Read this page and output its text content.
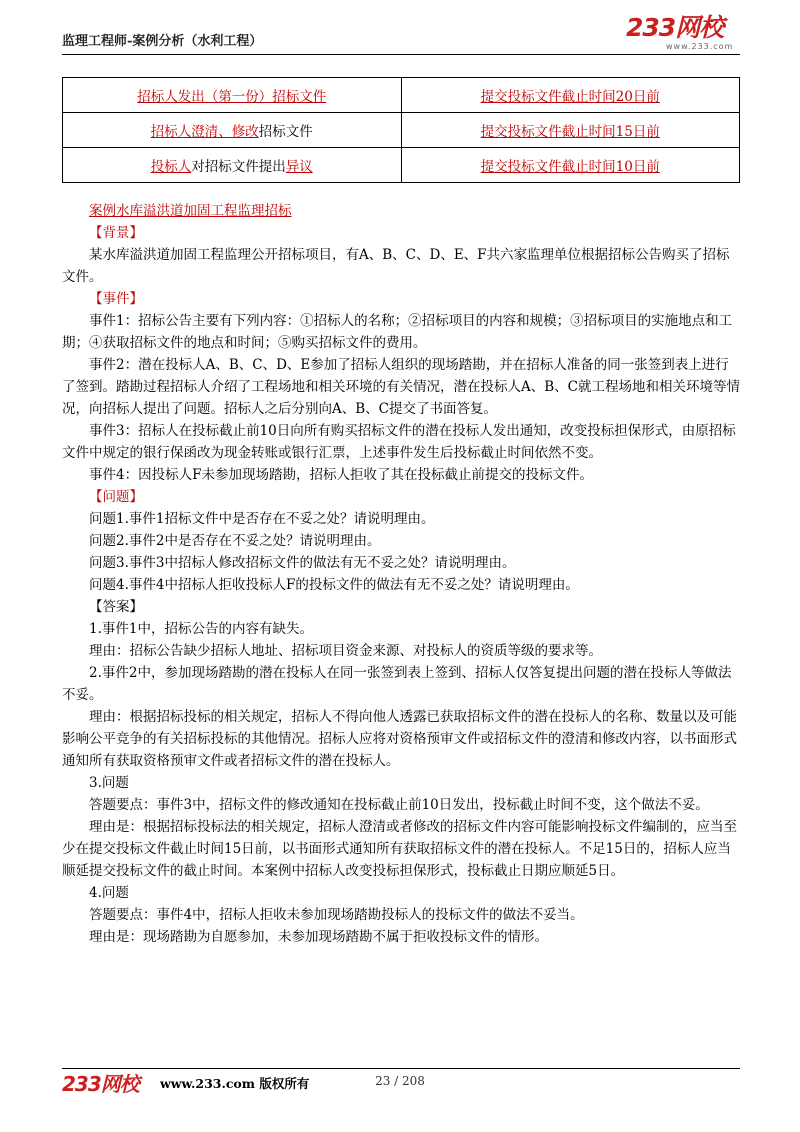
监理工程师-案例分析（水利工程）	233网校
www.233.com
招标人发出（第一份）招标文件	提交投标文件截止时间20日前
招标人澄清、修改招标文件	提交投标文件截止时间15日前
投标人对招标文件提出异议	提交投标文件截止时间10日前

案例水库溢洪道加固工程监理招标

【背景】

某水库溢洪道加固工程监理公开招标项目，有A、B、C、D、E、F共六家监理单位根据招标公告购买了招标文件。

【事件】

事件1：招标公告主要有下列内容：①招标人的名称；②招标项目的内容和规模；③招标项目的实施地点和工期；④获取招标文件的地点和时间；⑤购买招标文件的费用。

事件2：潜在投标人A、B、C、D、E参加了招标人组织的现场踏勘，并在招标人准备的同一张签到表上进行了签到。踏勘过程招标人介绍了工程场地和相关环境的有关情况，潜在投标人A、B、C就工程场地和相关环境等情况，向招标人提出了问题。招标人之后分别向A、B、C提交了书面答复。

事件3：招标人在投标截止前10日向所有购买招标文件的潜在投标人发出通知，改变投标担保形式，由原招标文件中规定的银行保函改为现金转账或银行汇票，上述事件发生后投标截止时间依然不变。

事件4：因投标人F未参加现场踏勘，招标人拒收了其在投标截止前提交的投标文件。

【问题】

问题1.事件1招标文件中是否存在不妥之处？请说明理由。

问题2.事件2中是否存在不妥之处？请说明理由。

问题3.事件3中招标人修改招标文件的做法有无不妥之处？请说明理由。

问题4.事件4中招标人拒收投标人F的投标文件的做法有无不妥之处？请说明理由。

【答案】

1.事件1中，招标公告的内容有缺失。

理由：招标公告缺少招标人地址、招标项目资金来源、对投标人的资质等级的要求等。

2.事件2中，参加现场踏勘的潜在投标人在同一张签到表上签到、招标人仅答复提出问题的潜在投标人等做法不妥。

理由：根据招标投标的相关规定，招标人不得向他人透露已获取招标文件的潜在投标人的名称、数量以及可能影响公平竞争的有关招标投标的其他情况。招标人应将对资格预审文件或招标文件的澄清和修改内容，以书面形式通知所有获取资格预审文件或者招标文件的潜在投标人。

3.问题

答题要点：事件3中，招标文件的修改通知在投标截止前10日发出，投标截止时间不变，这个做法不妥。

理由是：根据招标投标法的相关规定，招标人澄清或者修改的招标文件内容可能影响投标文件编制的，应当至少在提交投标文件截止时间15日前，以书面形式通知所有获取招标文件的潜在投标人。不足15日的，招标人应当顺延提交投标文件的截止时间。本案例中招标人改变投标担保形式，投标截止日期应顺延5日。

4.问题

答题要点：事件4中，招标人拒收未参加现场踏勘投标人的投标文件的做法不妥当。

理由是：现场踏勘为自愿参加，未参加现场踏勘不属于拒收投标文件的情形。

233网校 www.233.com 版权所有	23 / 208
